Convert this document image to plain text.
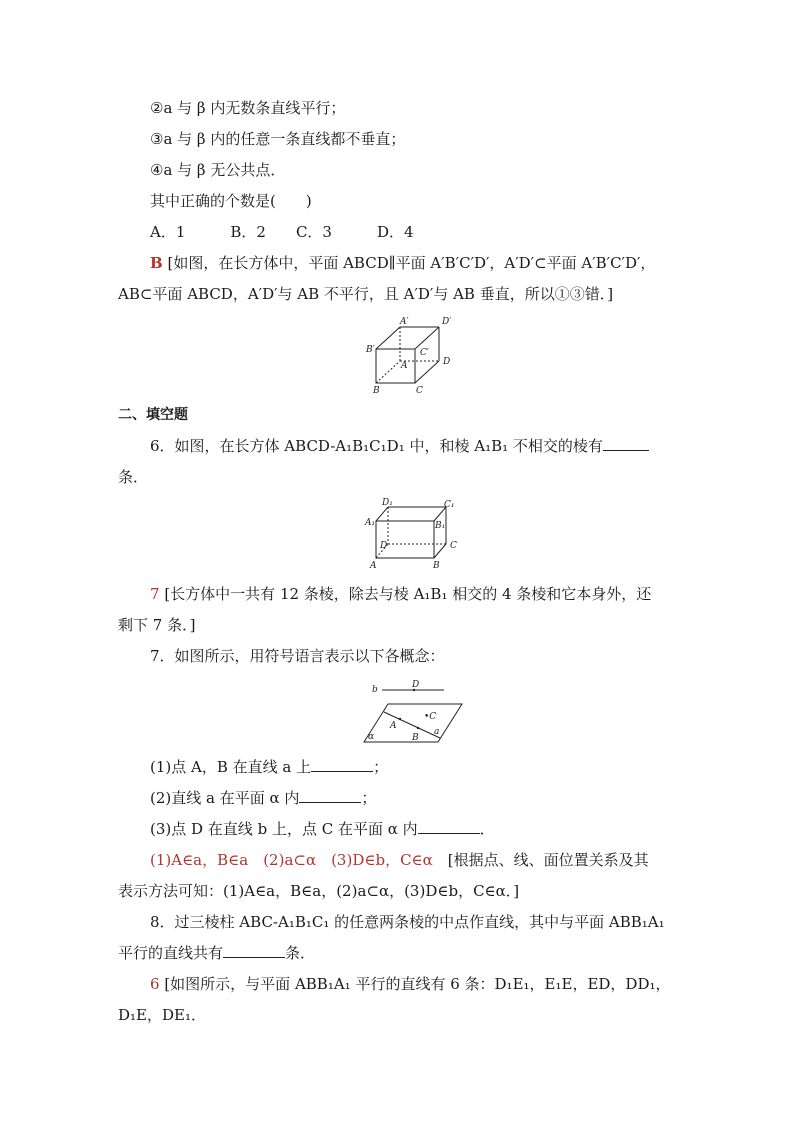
②a 与 β 内无数条直线平行；
③a 与 β 内的任意一条直线都不垂直；
④a 与 β 无公共点．
其中正确的个数是(　　)
A．1　　　B．2　　C．3　　　D．4
B [如图，在长方体中，平面 ABCD∥平面 A′B′C′D′，A′D′⊂平面 A′B′C′D′，
AB⊂平面 ABCD，A′D′与 AB 不平行，且 A′D′与 AB 垂直，所以①③错．]
A′	D′
B′	C′
A	D
B	C
二、填空题
6．如图，在长方体 ABCD-A₁B₁C₁D₁ 中，和棱 A₁B₁ 不相交的棱有
条．
D₁	C₁
A₁	B₁
D	C
A	B
7 [长方体中一共有 12 条棱，除去与棱 A₁B₁ 相交的 4 条棱和它本身外，还
剩下 7 条．]
7．如图所示，用符号语言表示以下各概念：
b	D
•C
A
B
a
α
(1)点 A，B 在直线 a 上	；
(2)直线 a 在平面 α 内	；
(3)点 D 在直线 b 上，点 C 在平面 α 内	．
(1)A∈a，B∈a　(2)a⊂α　(3)D∈b，C∈α　[根据点、线、面位置关系及其
表示方法可知：(1)A∈a，B∈a，(2)a⊂α，(3)D∈b，C∈α．]
8．过三棱柱 ABC-A₁B₁C₁ 的任意两条棱的中点作直线，其中与平面 ABB₁A₁
平行的直线共有	条．
6 [如图所示，与平面 ABB₁A₁ 平行的直线有 6 条：D₁E₁，E₁E，ED，DD₁，
D₁E，DE₁．
